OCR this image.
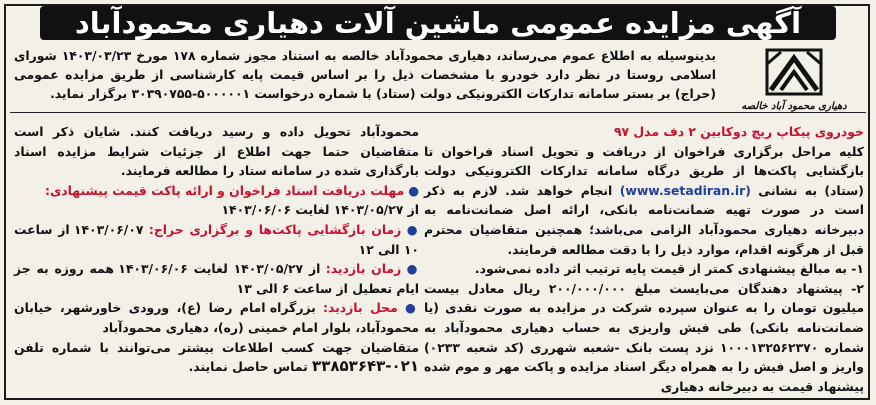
آگهی مزایده عمومی ماشین آلات دهیاری محمودآباد
بدینوسیله به اطلاع عموم می‌رساند، دهیاری محمودآباد خالصه به استناد مجوز شماره ۱۷۸ مورخ ۱۴۰۳/۰۳/۲۳ شورای اسلامی روستا در نظر دارد خودرو با مشخصات ذیل را بر اساس قیمت پایه کارشناسی از طریق مزایده عمومی (حراج) بر بستر سامانه تدارکات الکترونیکی دولت (ستاد) با شماره درخواست ۵۰۰۰۰۰۱-۳۰۳۹۰۷۵۵ برگزار نماید.
دهیاری محمود آباد خالصه

خودروی پیکاپ ریچ دوکابین ۲ دف مدل ۹۷

کلیه مراحل برگزاری فراخوان از دریافت و تحویل اسناد فراخوان تا بازگشایی پاکت‌ها از طریق درگاه سامانه تدارکات الکترونیکی دولت (ستاد) به نشانی (www.setadiran.ir) انجام خواهد شد. لازم به ذکر است در صورت تهیه ضمانت‌نامه بانکی، ارائه اصل ضمانت‌نامه به دبیرخانه دهیاری محمودآباد الزامی می‌باشد؛ همچنین متقاضیان محترم قبل از هرگونه اقدام، موارد ذیل را با دقت مطالعه فرمایند.

۱- به مبالغ پیشنهادی کمتر از قیمت پایه ترتیب اثر داده نمی‌شود.

۲- پیشنهاد دهندگان می‌بایست مبلغ ۲۰۰/۰۰۰/۰۰۰ ریال معادل بیست میلیون تومان را به عنوان سپرده شرکت در مزایده به صورت نقدی (یا ضمانت‌نامه بانکی) طی فیش واریزی به حساب دهیاری محمودآباد به شماره ۱۰۰۰۱۳۲۵۶۲۳۷۰ نزد پست بانک -شعبه شهرری (کد شعبه ۰۲۳۳) واریز و اصل فیش را به همراه دیگر اسناد مزایده و پاکت مهر و موم شده پیشنهاد قیمت به دبیرخانه دهیاری

محمودآباد تحویل داده و رسید دریافت کنند. شایان ذکر است متقاضیان حتما جهت اطلاع از جزئیات شرایط مزایده اسناد بارگذاری شده در سامانه ستاد را مطالعه فرمایند.

● مهلت دریافت اسناد فراخوان و ارائه پاکت قیمت پیشنهادی:

از ۱۴۰۳/۰۵/۲۷ لغایت ۱۴۰۳/۰۶/۰۶

● زمان بازگشایی پاکت‌ها و برگزاری حراج: ۱۴۰۳/۰۶/۰۷ از ساعت ۱۰ الی ۱۲

● زمان بازدید: از ۱۴۰۳/۰۵/۲۷ لغایت ۱۴۰۳/۰۶/۰۶ همه روزه به جز ایام تعطیل از ساعت ۶ الی ۱۳

● محل بازدید: بزرگراه امام رضا (ع)، ورودی خاورشهر، خیابان محمودآباد، بلوار امام خمینی (ره)، دهیاری محمودآباد

متقاضیان جهت کسب اطلاعات بیشتر می‌توانند با شماره تلفن ۰۲۱-۳۳۸۵۳۶۴۳ تماس حاصل نمایند.
